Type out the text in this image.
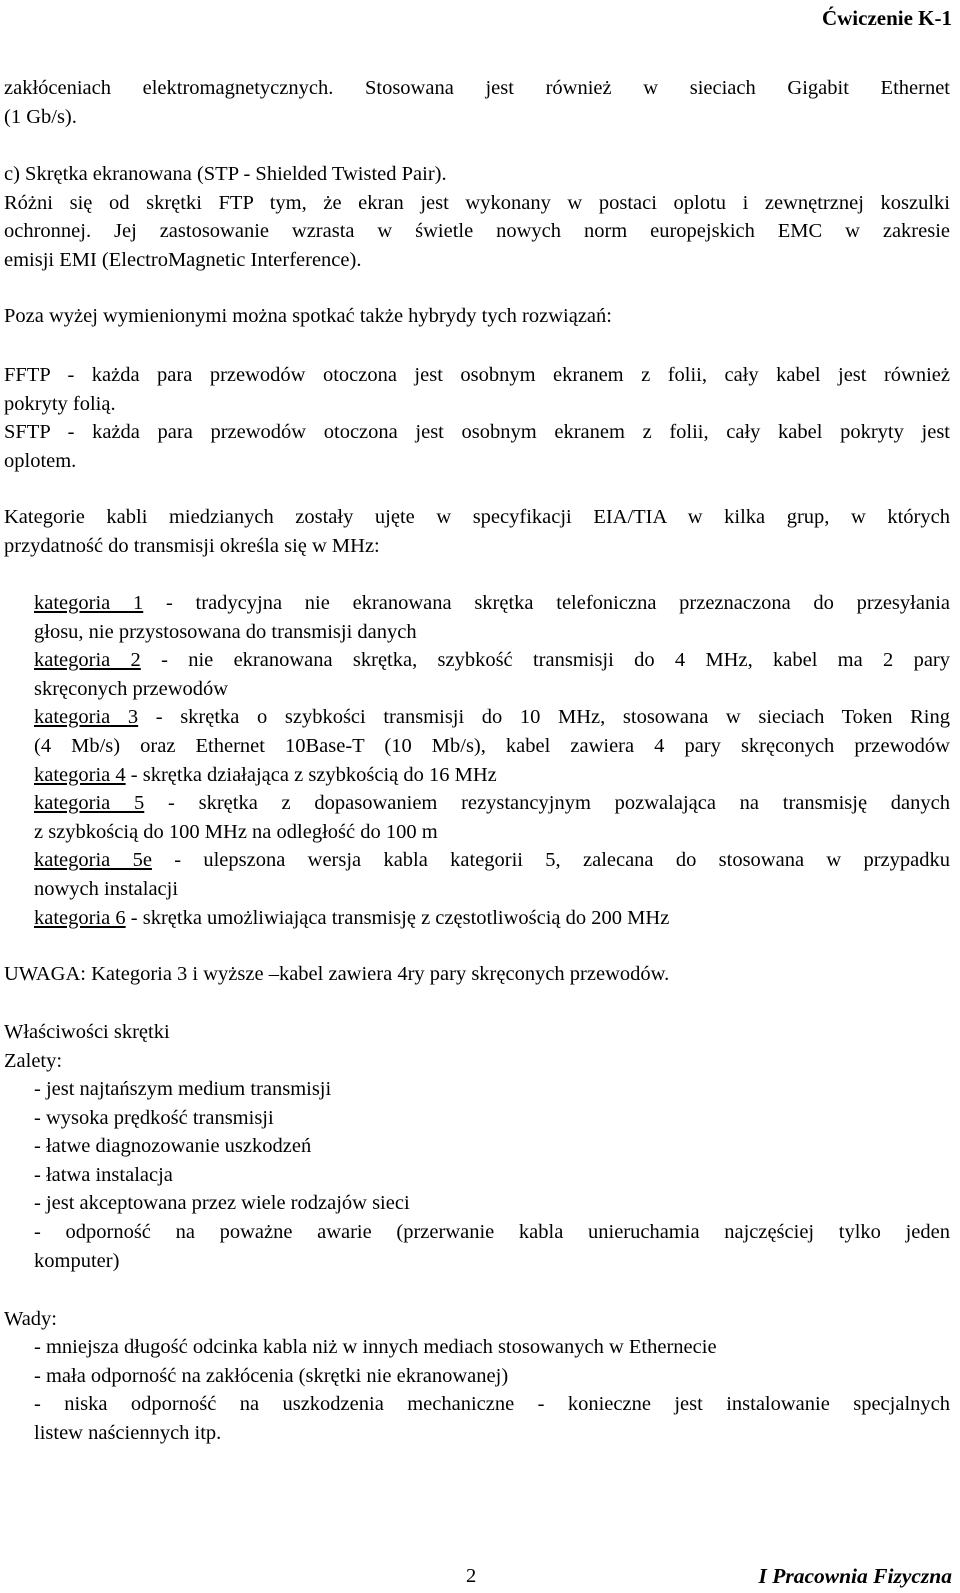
Ćwiczenie K-1
zakłóceniach elektromagnetycznych. Stosowana jest również w sieciach Gigabit Ethernet
(1 Gb/s).
c) Skrętka ekranowana (STP - Shielded Twisted Pair).
Różni się od skrętki FTP tym, że ekran jest wykonany w postaci oplotu i zewnętrznej koszulki
ochronnej. Jej zastosowanie wzrasta w świetle nowych norm europejskich EMC w zakresie
emisji EMI (ElectroMagnetic Interference).
Poza wyżej wymienionymi można spotkać także hybrydy tych rozwiązań:
FFTP - każda para przewodów otoczona jest osobnym ekranem z folii, cały kabel jest również
pokryty folią.
SFTP - każda para przewodów otoczona jest osobnym ekranem z folii, cały kabel pokryty jest
oplotem.
Kategorie kabli miedzianych zostały ujęte w specyfikacji EIA/TIA w kilka grup, w których
przydatność do transmisji określa się w MHz:
kategoria 1 - tradycyjna nie ekranowana skrętka telefoniczna przeznaczona do przesyłania
głosu, nie przystosowana do transmisji danych
kategoria 2 - nie ekranowana skrętka, szybkość transmisji do 4 MHz, kabel ma 2 pary
skręconych przewodów
kategoria 3 - skrętka o szybkości transmisji do 10 MHz, stosowana w sieciach Token Ring
(4 Mb/s) oraz Ethernet 10Base-T (10 Mb/s), kabel zawiera 4 pary skręconych przewodów
kategoria 4 - skrętka działająca z szybkością do 16 MHz
kategoria 5 - skrętka z dopasowaniem rezystancyjnym pozwalająca na transmisję danych
z szybkością do 100 MHz na odległość do 100 m
kategoria 5e - ulepszona wersja kabla kategorii 5, zalecana do stosowana w przypadku
nowych instalacji
kategoria 6 - skrętka umożliwiająca transmisję z częstotliwością do 200 MHz
UWAGA: Kategoria 3 i wyższe –kabel zawiera 4ry pary skręconych przewodów.
Właściwości skrętki
Zalety:
- jest najtańszym medium transmisji
- wysoka prędkość transmisji
- łatwe diagnozowanie uszkodzeń
- łatwa instalacja
- jest akceptowana przez wiele rodzajów sieci
- odporność na poważne awarie (przerwanie kabla unieruchamia najczęściej tylko jeden
komputer)
Wady:
- mniejsza długość odcinka kabla niż w innych mediach stosowanych w Ethernecie
- mała odporność na zakłócenia (skrętki nie ekranowanej)
- niska odporność na uszkodzenia mechaniczne - konieczne jest instalowanie specjalnych
listew naściennych itp.
2	I Pracownia Fizyczna
